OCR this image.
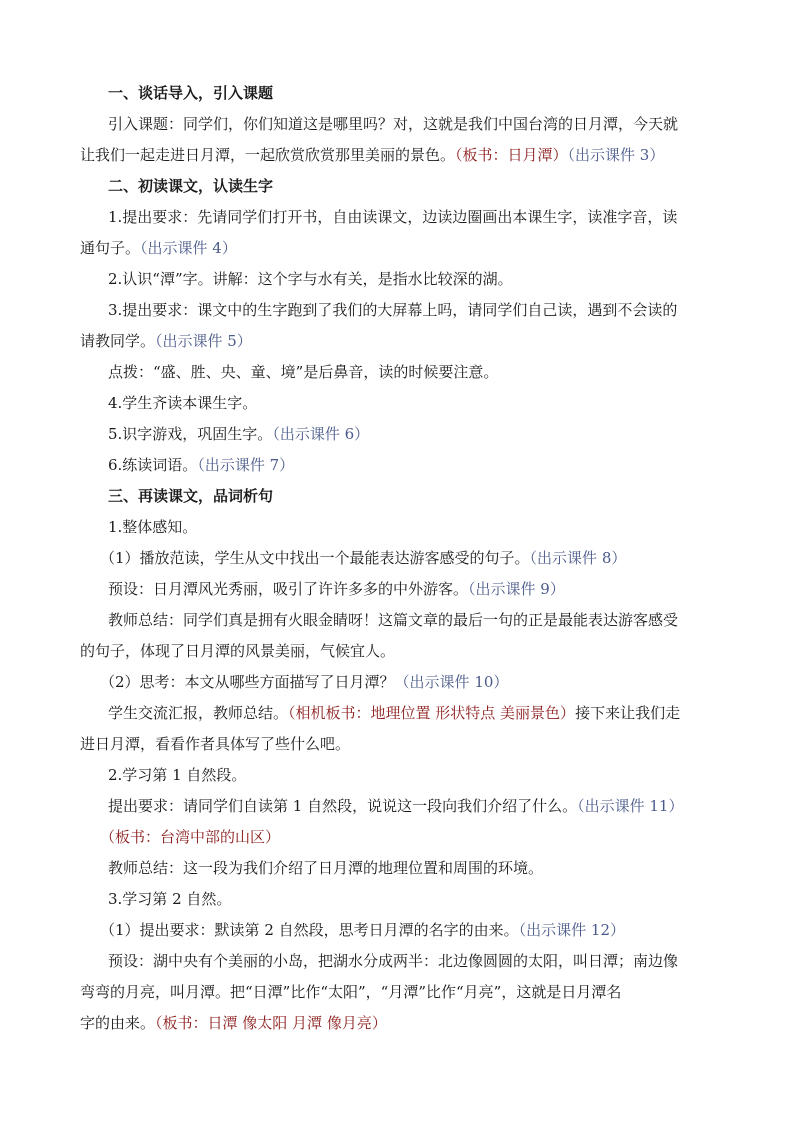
一、谈话导入，引入课题
引入课题：同学们，你们知道这是哪里吗？对，这就是我们中国台湾的日月潭，今天就
让我们一起走进日月潭，一起欣赏欣赏那里美丽的景色。（板书：日月潭）（出示课件 3）
二、初读课文，认读生字
1.提出要求：先请同学们打开书，自由读课文，边读边圈画出本课生字，读准字音，读
通句子。（出示课件 4）
2.认识“潭”字。讲解：这个字与水有关，是指水比较深的湖。
3.提出要求：课文中的生字跑到了我们的大屏幕上吗，请同学们自己读，遇到不会读的
请教同学。（出示课件 5）
点拨：“盛、胜、央、童、境”是后鼻音，读的时候要注意。
4.学生齐读本课生字。
5.识字游戏，巩固生字。（出示课件 6）
6.练读词语。（出示课件 7）
三、再读课文，品词析句
1.整体感知。
（1）播放范读，学生从文中找出一个最能表达游客感受的句子。（出示课件 8）
预设：日月潭风光秀丽，吸引了许许多多的中外游客。（出示课件 9）
教师总结：同学们真是拥有火眼金睛呀！这篇文章的最后一句的正是最能表达游客感受
的句子，体现了日月潭的风景美丽，气候宜人。
（2）思考：本文从哪些方面描写了日月潭？（出示课件 10）
学生交流汇报，教师总结。（相机板书：地理位置 形状特点 美丽景色）接下来让我们走
进日月潭，看看作者具体写了些什么吧。
2.学习第 1 自然段。
提出要求：请同学们自读第 1 自然段，说说这一段向我们介绍了什么。（出示课件 11）
（板书：台湾中部的山区）
教师总结：这一段为我们介绍了日月潭的地理位置和周围的环境。
3.学习第 2 自然。
（1）提出要求：默读第 2 自然段，思考日月潭的名字的由来。（出示课件 12）
预设：湖中央有个美丽的小岛，把湖水分成两半：北边像圆圆的太阳，叫日潭；南边像
弯弯的月亮，叫月潭。把“日潭”比作“太阳”，“月潭”比作“月亮”，这就是日月潭名
字的由来。（板书：日潭 像太阳 月潭 像月亮）
